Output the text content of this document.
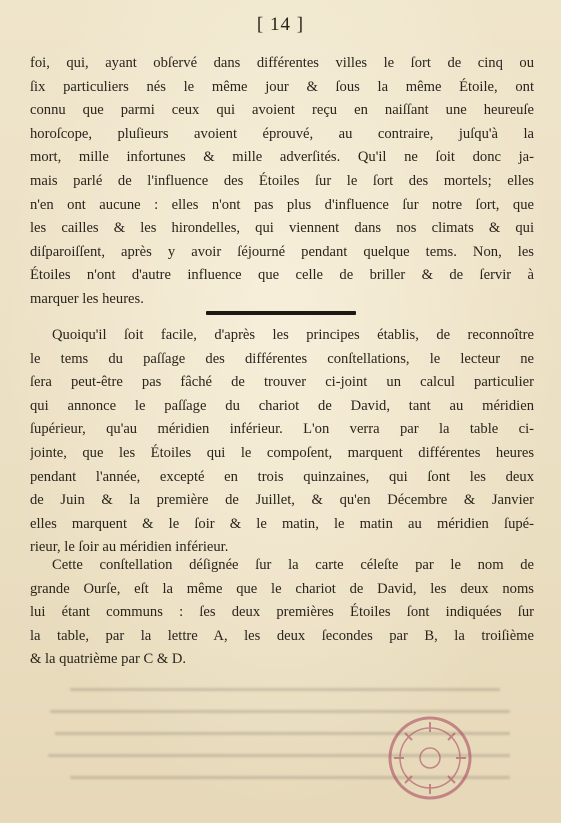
[ 14 ]
foi, qui, ayant obſervé dans différentes villes le ſort de cinq ou
ſix particuliers nés le même jour & ſous la même Étoile, ont
connu que parmi ceux qui avoient reçu en naiſſant une heureuſe
horoſcope, pluſieurs avoient éprouvé, au contraire, juſqu'à la
mort, mille infortunes & mille adverſités. Qu'il ne ſoit donc ja-
mais parlé de l'influence des Étoiles ſur le ſort des mortels; elles
n'en ont aucune : elles n'ont pas plus d'influence ſur notre ſort, que
les cailles & les hirondelles, qui viennent dans nos climats & qui
diſparoiſſent, après y avoir ſéjourné pendant quelque tems. Non, les
Étoiles n'ont d'autre influence que celle de briller & de ſervir à
marquer les heures.
Quoiqu'il ſoit facile, d'après les principes établis, de reconnoître
le tems du paſſage des différentes conſtellations, le lecteur ne
ſera peut-être pas fâché de trouver ci-joint un calcul particulier
qui annonce le paſſage du chariot de David, tant au méridien
ſupérieur, qu'au méridien inférieur. L'on verra par la table ci-
jointe, que les Étoiles qui le compoſent, marquent différentes heures
pendant l'année, excepté en trois quinzaines, qui ſont les deux
de Juin & la première de Juillet, & qu'en Décembre & Janvier
elles marquent & le ſoir & le matin, le matin au méridien ſupé-
rieur, le ſoir au méridien inférieur.
Cette conſtellation déſignée ſur la carte céleſte par le nom de
grande Ourſe, eſt la même que le chariot de David, les deux noms
lui étant communs : ſes deux premières Étoiles ſont indiquées ſur
la table, par la lettre A, les deux ſecondes par B, la troiſième
& la quatrième par C & D.
